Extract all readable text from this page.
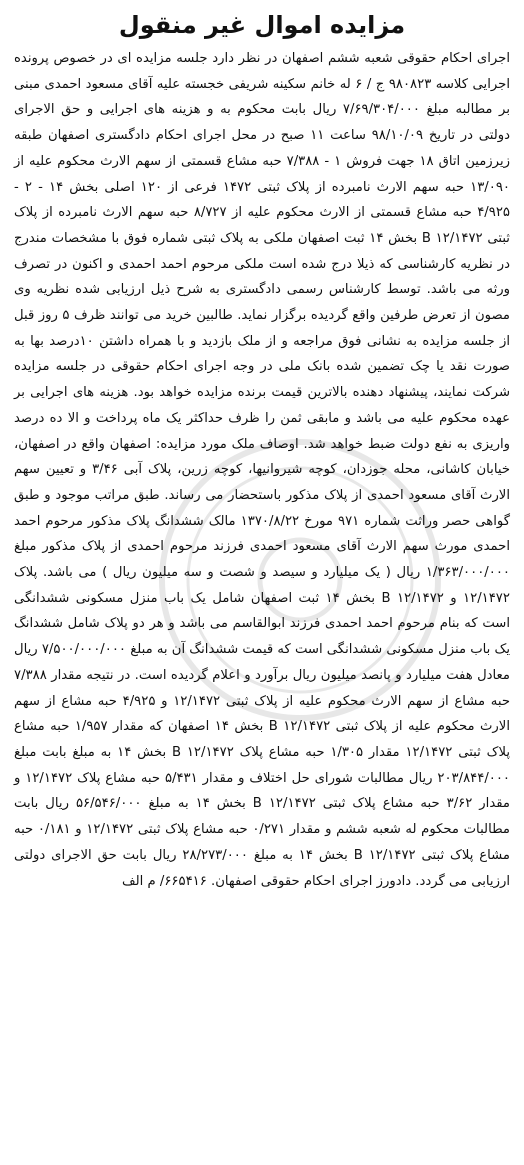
مزایده اموال غیر منقول

اجرای احکام حقوقی شعبه ششم اصفهان در نظر دارد جلسه مزایده ای در خصوص پرونده اجرایی کلاسه ۹۸۰۸۲۳ ج / ۶ له خانم سکینه شریفی خجسته علیه آقای مسعود احمدی مبنی بر مطالبه مبلغ ۷/۶۹/۳۰۴/۰۰۰ ریال بابت محکوم به و هزینه های اجرایی و حق الاجرای دولتی در تاریخ ۹۸/۱۰/۰۹ ساعت ۱۱ صبح در محل اجرای احکام دادگستری اصفهان طبقه زیرزمین اتاق ۱۸ جهت فروش ۱ - ۷/۳۸۸ حبه مشاع قسمتی از سهم الارث محکوم علیه از ۱۳/۰۹۰ حبه سهم الارث نامبرده از پلاک ثبتی ۱۴۷۲ فرعی از ۱۲۰ اصلی بخش ۱۴ - ۲ - ۴/۹۲۵ حبه مشاع قسمتی از الارث محکوم علیه از ۸/۷۲۷ حبه سهم الارث نامبرده از پلاک ثبتی ۱۲/۱۴۷۲ B بخش ۱۴ ثبت اصفهان ملکی به پلاک ثبتی شماره فوق با مشخصات مندرج در نظریه کارشناسی که ذیلا درج شده است ملکی مرحوم احمد احمدی و اکنون در تصرف ورثه می باشد. توسط کارشناس رسمی دادگستری به شرح ذیل ارزیابی شده نظریه وی مصون از تعرض طرفین واقع گردیده برگزار نماید. طالبین خرید می توانند ظرف ۵ روز قبل از جلسه مزایده به نشانی فوق مراجعه و از ملک بازدید و با همراه داشتن ۱۰درصد بها به صورت نقد یا چک تضمین شده بانک ملی در وجه اجرای احکام حقوقی در جلسه مزایده شرکت نمایند، پیشنهاد دهنده بالاترین قیمت برنده مزایده خواهد بود. هزینه های اجرایی بر عهده محکوم علیه می باشد و مابقی ثمن را ظرف حداکثر یک ماه پرداخت و الا ده درصد واریزی به نفع دولت ضبط خواهد شد. اوصاف ملک مورد مزایده: اصفهان واقع در اصفهان، خیابان کاشانی، محله جوزدان، کوچه شیروانیها، کوچه زرین، پلاک آبی ۳/۴۶ و تعیین سهم الارث آقای مسعود احمدی از پلاک مذکور باستحضار می رساند. طبق مراتب موجود و طبق گواهی حصر وراثت شماره ۹۷۱ مورخ ۱۳۷۰/۸/۲۲ مالک ششدانگ پلاک مذکور مرحوم احمد احمدی مورث سهم الارث آقای مسعود احمدی فرزند مرحوم احمدی از پلاک مذکور مبلغ ۱/۳۶۳/۰۰۰/۰۰۰ ریال ( یک میلیارد و سیصد و شصت و سه میلیون ریال ) می باشد. پلاک ۱۲/۱۴۷۲ و ۱۲/۱۴۷۲ B بخش ۱۴ ثبت اصفهان شامل یک باب منزل مسکونی ششدانگی است که بنام مرحوم احمد احمدی فرزند ابوالقاسم می باشد و هر دو پلاک شامل ششدانگ یک باب منزل مسکونی ششدانگی است که قیمت ششدانگ آن به مبلغ ۷/۵۰۰/۰۰۰/۰۰۰ ریال معادل هفت میلیارد و پانصد میلیون ریال برآورد و اعلام گردیده است. در نتیجه مقدار ۷/۳۸۸ حبه مشاع از سهم الارث محکوم علیه از پلاک ثبتی ۱۲/۱۴۷۲ و ۴/۹۲۵ حبه مشاع از سهم الارث محکوم علیه از پلاک ثبتی B ۱۲/۱۴۷۲ بخش ۱۴ اصفهان که مقدار ۱/۹۵۷ حبه مشاع پلاک ثبتی ۱۲/۱۴۷۲ مقدار ۱/۳۰۵ حبه مشاع پلاک B ۱۲/۱۴۷۲ بخش ۱۴ به مبلغ بابت مبلغ ۲۰۳/۸۴۴/۰۰۰ ریال مطالبات شورای حل اختلاف و مقدار ۵/۴۳۱ حبه مشاع پلاک ۱۲/۱۴۷۲ و مقدار ۳/۶۲ حبه مشاع پلاک ثبتی B ۱۲/۱۴۷۲ بخش ۱۴ به مبلغ ۵۶/۵۴۶/۰۰۰ ریال بابت مطالبات محکوم له شعبه ششم و مقدار ۰/۲۷۱ حبه مشاع پلاک ثبتی ۱۲/۱۴۷۲ و ۰/۱۸۱ حبه مشاع پلاک ثبتی B ۱۲/۱۴۷۲ بخش ۱۴ به مبلغ ۲۸/۲۷۳/۰۰۰ ریال بابت حق الاجرای دولتی ارزیابی می گردد. دادورز اجرای احکام حقوقی اصفهان. ۶۶۵۴۱۶/ م الف
